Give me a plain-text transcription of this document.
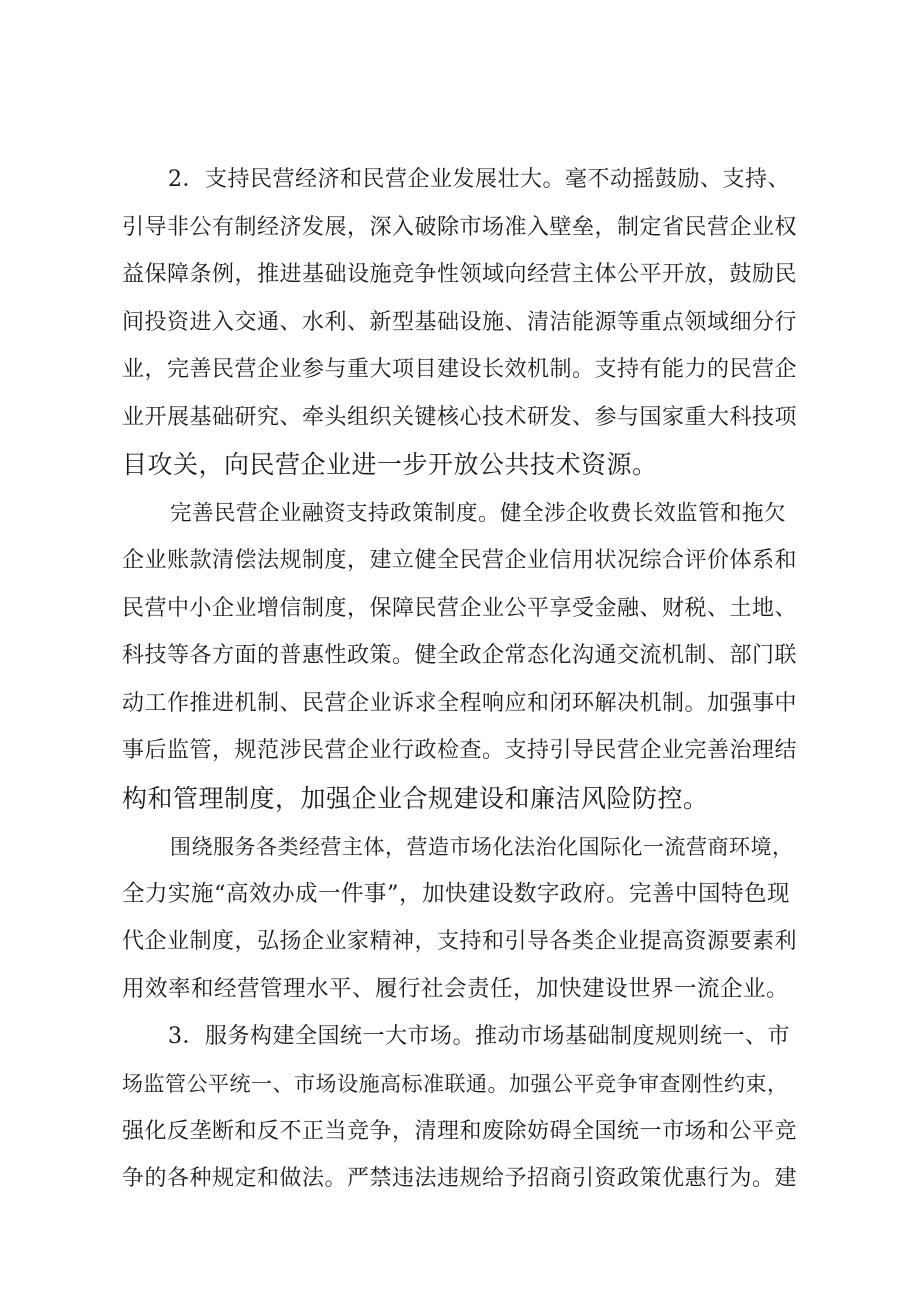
2．支持民营经济和民营企业发展壮大。毫不动摇鼓励、支持、
引导非公有制经济发展，深入破除市场准入壁垒，制定省民营企业权
益保障条例，推进基础设施竞争性领域向经营主体公平开放，鼓励民
间投资进入交通、水利、新型基础设施、清洁能源等重点领域细分行
业，完善民营企业参与重大项目建设长效机制。支持有能力的民营企
业开展基础研究、牵头组织关键核心技术研发、参与国家重大科技项
目攻关，向民营企业进一步开放公共技术资源。
完善民营企业融资支持政策制度。健全涉企收费长效监管和拖欠
企业账款清偿法规制度，建立健全民营企业信用状况综合评价体系和
民营中小企业增信制度，保障民营企业公平享受金融、财税、土地、
科技等各方面的普惠性政策。健全政企常态化沟通交流机制、部门联
动工作推进机制、民营企业诉求全程响应和闭环解决机制。加强事中
事后监管，规范涉民营企业行政检查。支持引导民营企业完善治理结
构和管理制度，加强企业合规建设和廉洁风险防控。
围绕服务各类经营主体，营造市场化法治化国际化一流营商环境，
全力实施“高效办成一件事”，加快建设数字政府。完善中国特色现
代企业制度，弘扬企业家精神，支持和引导各类企业提高资源要素利
用效率和经营管理水平、履行社会责任，加快建设世界一流企业。
3．服务构建全国统一大市场。推动市场基础制度规则统一、市
场监管公平统一、市场设施高标准联通。加强公平竞争审查刚性约束，
强化反垄断和反不正当竞争，清理和废除妨碍全国统一市场和公平竞
争的各种规定和做法。严禁违法违规给予招商引资政策优惠行为。建
